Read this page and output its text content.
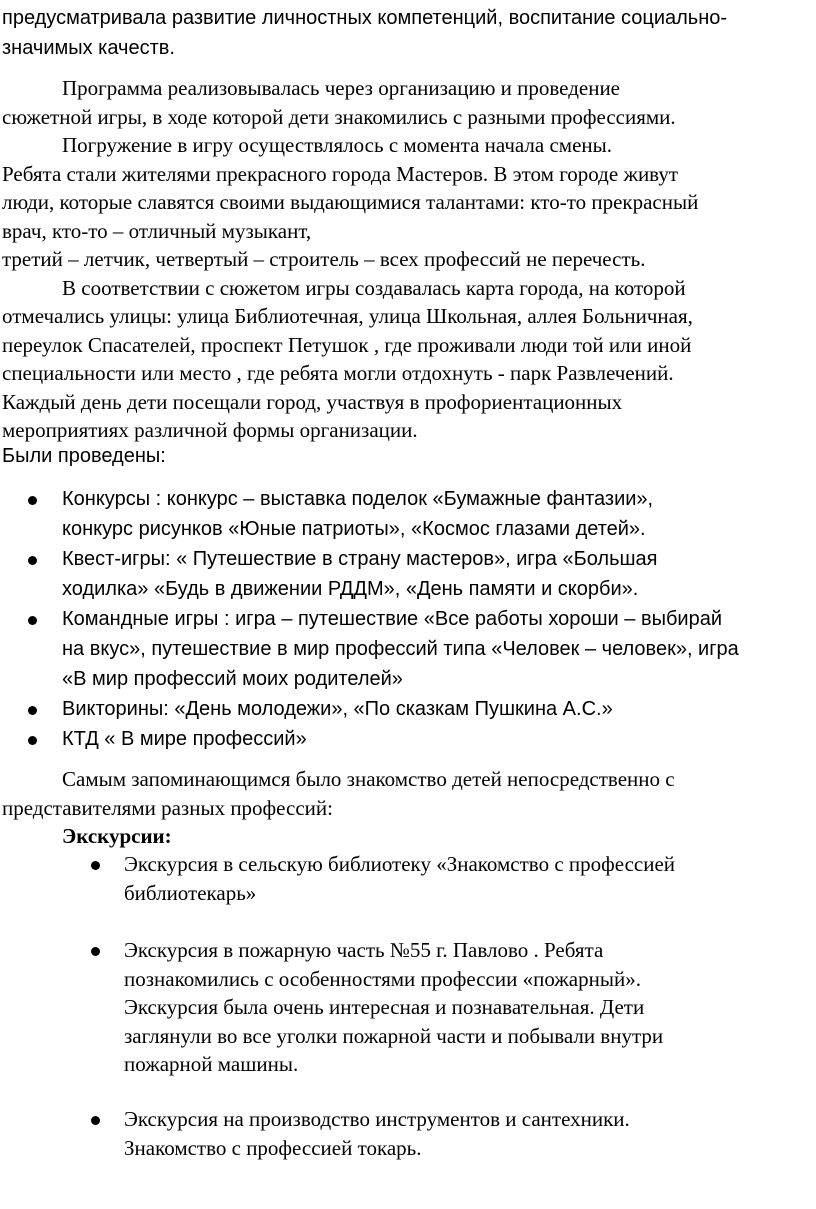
предусматривала развитие личностных компетенций, воспитание социально-
значимых качеств.

Программа реализовывалась через организацию и проведение
сюжетной игры, в ходе которой дети знакомились с разными профессиями.
Погружение в игру осуществлялось с момента начала смены.
Ребята стали жителями прекрасного города Мастеров. В этом городе живут
люди, которые славятся своими выдающимися талантами: кто-то прекрасный
врач, кто-то – отличный музыкант,
третий – летчик, четвертый – строитель – всех профессий не перечесть.
В соответствии с сюжетом игры создавалась карта города, на которой
отмечались улицы: улица Библиотечная, улица Школьная, аллея Больничная,
переулок Спасателей, проспект Петушок , где проживали люди той или иной
специальности или место , где ребята могли отдохнуть - парк Развлечений.
Каждый день дети посещали город, участвуя в профориентационных
мероприятиях различной формы организации.

Были проведены:

Конкурсы : конкурс – выставка поделок «Бумажные фантазии»,
конкурс рисунков «Юные патриоты», «Космос глазами детей».
Квест-игры: « Путешествие в страну мастеров», игра «Большая
ходилка» «Будь в движении РДДМ», «День памяти и скорби».
Командные игры : игра – путешествие «Все работы хороши – выбирай
на вкус», путешествие в мир профессий типа «Человек – человек», игра
«В мир профессий моих родителей»
Викторины: «День молодежи», «По сказкам Пушкина А.С.»
КТД « В мире профессий»

Самым запоминающимся было знакомство детей непосредственно с
представителями разных профессий:

Экскурсии:

Экскурсия в сельскую библиотеку «Знакомство с профессией
библиотекарь»
Экскурсия в пожарную часть №55 г. Павлово . Ребята
познакомились с особенностями профессии «пожарный».
Экскурсия была очень интересная и познавательная. Дети
заглянули во все уголки пожарной части и побывали внутри
пожарной машины.
Экскурсия на производство инструментов и сантехники.
Знакомство с профессией токарь.
